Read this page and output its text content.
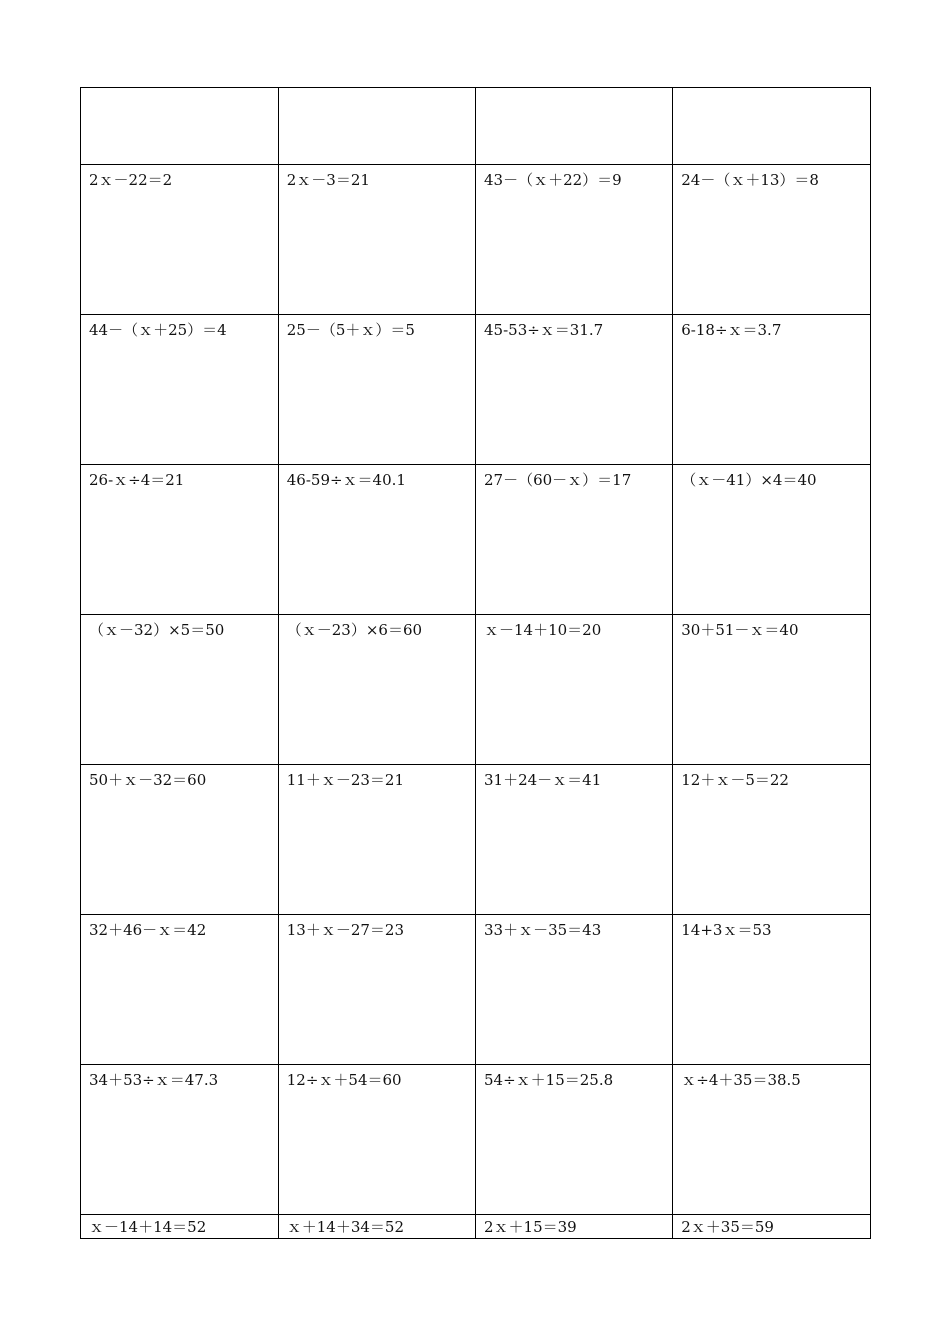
2ｘ－22＝2	2ｘ－3＝21	43－（ｘ＋22）＝9	24－（ｘ＋13）＝8
44－（ｘ＋25）＝4	25－（5＋ｘ）＝5	45-53÷ｘ＝31.7	6-18÷ｘ＝3.7
26-ｘ÷4＝21	46-59÷ｘ＝40.1	27－（60－ｘ）＝17	（ｘ－41）×4＝40
（ｘ－32）×5＝50	（ｘ－23）×6＝60	ｘ－14＋10＝20	30＋51－ｘ＝40
50＋ｘ－32＝60	11＋ｘ－23＝21	31＋24－ｘ＝41	12＋ｘ－5＝22
32＋46－ｘ＝42	13＋ｘ－27＝23	33＋ｘ－35＝43	14+3ｘ＝53
34＋53÷ｘ＝47.3	12÷ｘ＋54＝60	54÷ｘ＋15＝25.8	ｘ÷4＋35＝38.5
ｘ－14＋14＝52	ｘ＋14＋34＝52	2ｘ＋15＝39	2ｘ＋35＝59
